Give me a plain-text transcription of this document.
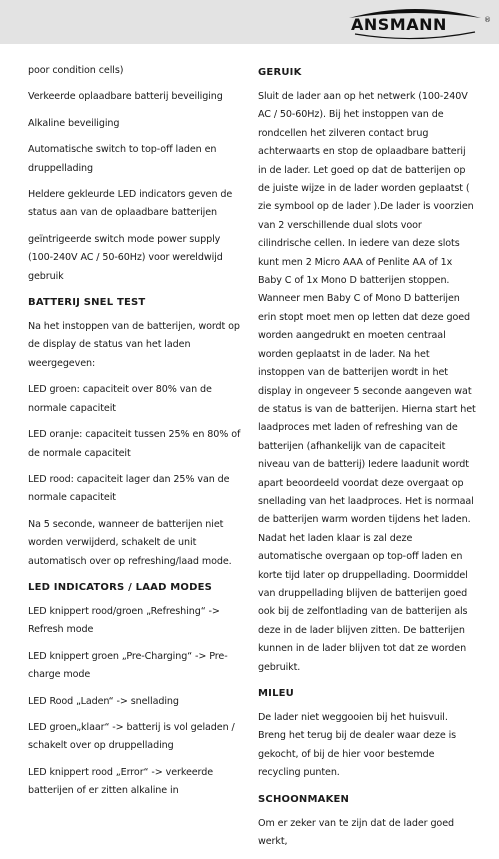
ANSMANN	®

poor condition cells)

Verkeerde oplaadbare batterij beveiliging

Alkaline beveiliging

Automatische switch to top-off laden en druppellading

Heldere gekleurde LED indicators geven de status aan van de oplaadbare batterijen

geïntrigeerde switch mode power supply (100-240V AC / 50-60Hz) voor wereldwijd gebruik

BATTERIJ SNEL TEST

Na het instoppen van de batterijen, wordt op de display de status van het laden weergegeven:

LED groen: capaciteit over 80% van de normale capaciteit

LED oranje: capaciteit tussen 25% en 80% of de normale capaciteit

LED rood: capaciteit lager dan 25% van de normale capaciteit

Na 5 seconde, wanneer de batterijen niet worden verwijderd, schakelt de unit automatisch over op refreshing/laad mode.

LED INDICATORS / LAAD MODES

LED knippert rood/groen „Refreshing“ -> Refresh mode

LED knippert groen „Pre-Charging“ -> Pre-charge mode

LED Rood „Laden“ -> snellading

LED groen„klaar“ -> batterij is vol geladen / schakelt over op druppellading

LED knippert rood „Error“ -> verkeerde batterijen of er zitten alkaline in

GERUIK

Sluit de lader aan op het netwerk (100-240V AC / 50-60Hz). Bij het instoppen van de rondcellen het zilveren contact brug achterwaarts en stop de oplaadbare batterij in de lader. Let goed op dat de batterijen op de juiste wijze in de lader worden geplaatst ( zie symbool op de lader ).De lader is voorzien van 2 verschillende dual slots voor cilindrische cellen. In iedere van deze slots kunt men 2 Micro AAA of Penlite AA of 1x Baby C of 1x Mono D batterijen stoppen. Wanneer men Baby C of Mono D batterijen erin stopt moet men op letten dat deze goed worden aangedrukt en moeten centraal worden geplaatst in de lader. Na het instoppen van de batterijen wordt in het display in ongeveer 5 seconde aangeven wat de status is van de batterijen. Hierna start het laadproces met laden of refreshing van de batterijen (afhankelijk van de capaciteit niveau van de batterij) Iedere laadunit wordt apart beoordeeld voordat deze overgaat op snellading van het laadproces. Het is normaal de batterijen warm worden tijdens het laden. Nadat het laden klaar is zal deze automatische overgaan op top-off laden en korte tijd later op druppellading. Doormiddel van druppellading blijven de batterijen goed ook bij de zelfontlading van de batterijen als deze in de lader blijven zitten. De batterijen kunnen in de lader blijven tot dat ze worden gebruikt.

MILEU

De lader niet weggooien bij het huisvuil. Breng het terug bij de dealer waar deze is gekocht, of bij de hier voor bestemde recycling punten.

SCHOONMAKEN

Om er zeker van te zijn dat de lader goed werkt,
